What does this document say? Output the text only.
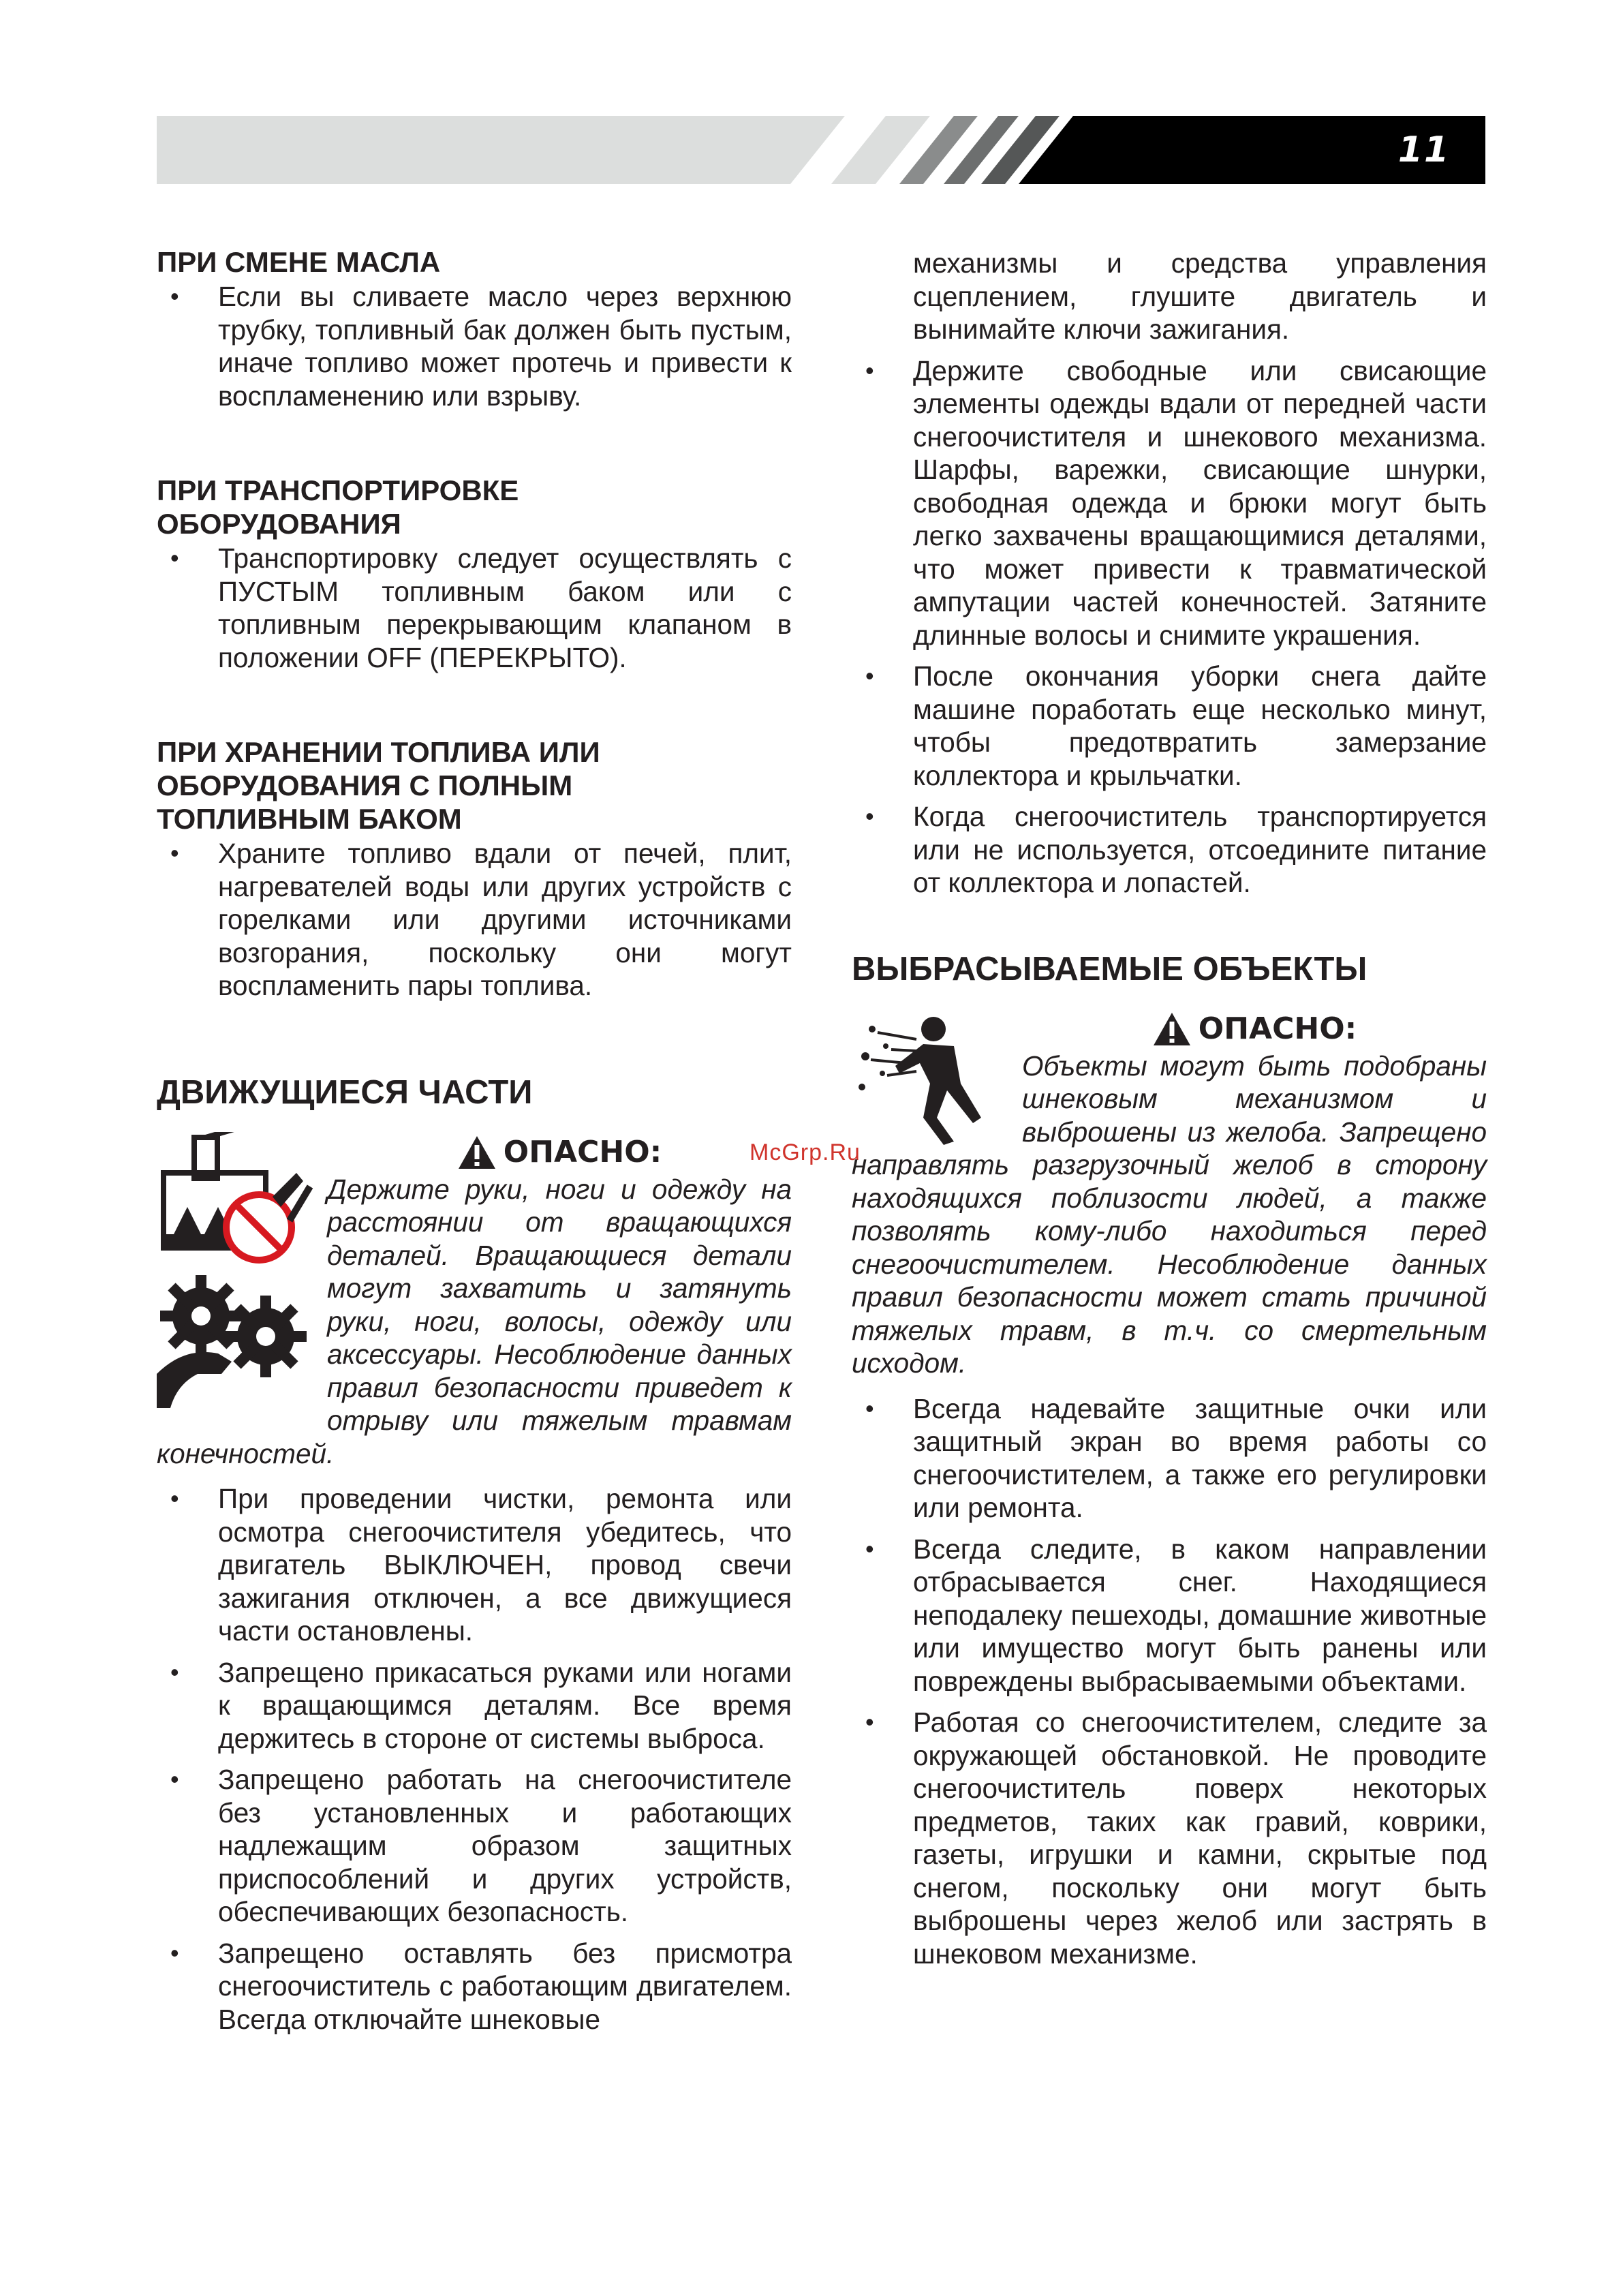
11
McGrp.Ru
ПРИ СМЕНЕ МАСЛА
• Если вы сливаете масло через верхнюю трубку, топливный бак должен быть пустым, иначе топливо может протечь и привести к воспламенению или взрыву.
ПРИ ТРАНСПОРТИРОВКЕ
ОБОРУДОВАНИЯ
• Транспортировку следует осуществлять с ПУСТЫМ топливным баком или с топливным перекрывающим клапаном в положении OFF (ПЕРЕКРЫТО).
ПРИ ХРАНЕНИИ ТОПЛИВА ИЛИ
ОБОРУДОВАНИЯ С ПОЛНЫМ
ТОПЛИВНЫМ БАКОМ
• Храните топливо вдали от печей, плит, нагревателей воды или других устройств с горелками или другими источниками возгорания, поскольку они могут воспламенить пары топлива.
ДВИЖУЩИЕСЯ ЧАСТИ

ОПАСНО:
Держите руки, ноги и одежду на расстоянии от вращающихся деталей. Вращающиеся детали могут захватить и затянуть руки, ноги, волосы, одежду или аксессуары. Несоблюдение данных правил безопасности приведет к отрыву или тяжелым травмам конечностей.
• При проведении чистки, ремонта или осмотра снегоочистителя убедитесь, что двигатель ВЫКЛЮЧЕН, провод свечи зажигания отключен, а все движущиеся части остановлены.
• Запрещено прикасаться руками или ногами к вращающимся деталям. Все время держитесь в стороне от системы выброса.
• Запрещено работать на снегоочистителе без установленных и работающих надлежащим образом защитных приспособлений и других устройств, обеспечивающих безопасность.
• Запрещено оставлять без присмотра снегоочиститель с работающим двигателем. Всегда отключайте шнековые
механизмы и средства управления сцеплением, глушите двигатель и вынимайте ключи зажигания.
• Держите свободные или свисающие элементы одежды вдали от передней части снегоочистителя и шнекового механизма. Шарфы, варежки, свисающие шнурки, свободная одежда и брюки могут быть легко захвачены вращающимися деталями, что может привести к травматической ампутации частей конечностей. Затяните длинные волосы и снимите украшения.
• После окончания уборки снега дайте машине поработать еще несколько минут, чтобы предотвратить замерзание коллектора и крыльчатки.
• Когда снегоочиститель транспортируется или не используется, отсоедините питание от коллектора и лопастей.
ВЫБРАСЫВАЕМЫЕ ОБЪЕКТЫ
ОПАСНО:
Объекты могут быть подобраны шнековым механизмом и выброшены из желоба. Запрещено направлять разгрузочный желоб в сторону находящихся поблизости людей, а также позволять кому-либо находиться перед снегоочистителем. Несоблюдение данных правил безопасности может стать причиной тяжелых травм, в т.ч. со смертельным исходом.
• Всегда надевайте защитные очки или защитный экран во время работы со снегоочистителем, а также его регулировки или ремонта.
• Всегда следите, в каком направлении отбрасывается снег. Находящиеся неподалеку пешеходы, домашние животные или имущество могут быть ранены или повреждены выбрасываемыми объектами.
• Работая со снегоочистителем, следите за окружающей обстановкой. Не проводите снегоочиститель поверх некоторых предметов, таких как гравий, коврики, газеты, игрушки и камни, скрытые под снегом, поскольку они могут быть выброшены через желоб или застрять в шнековом механизме.
